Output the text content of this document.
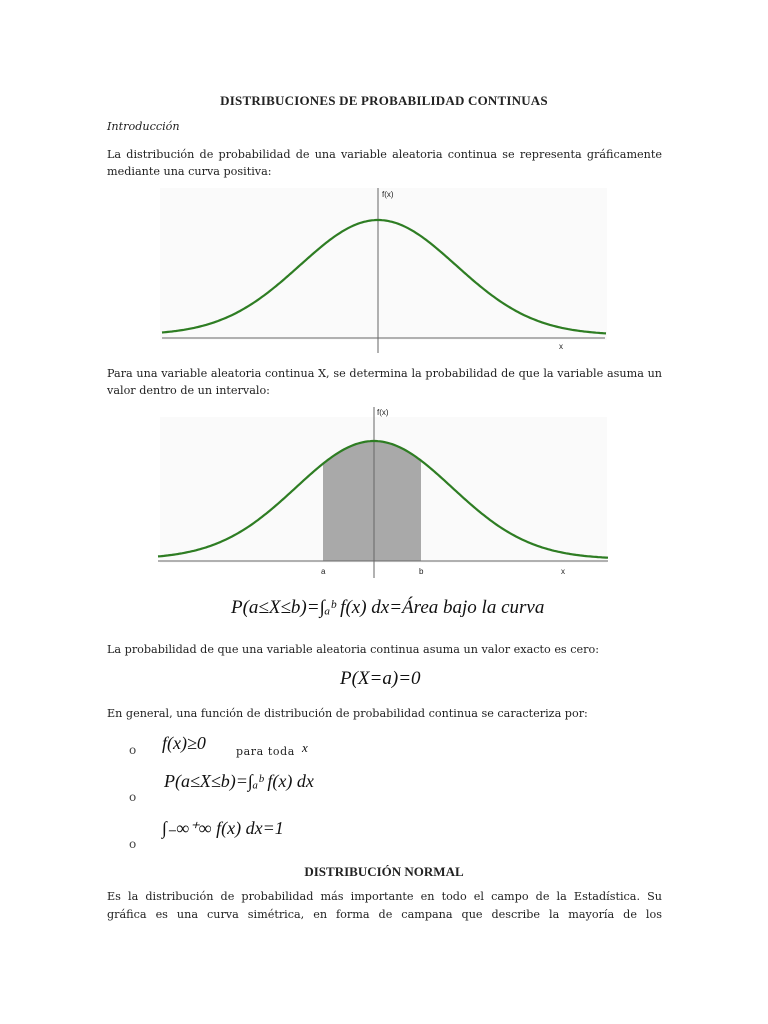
DISTRIBUCIONES DE PROBABILIDAD CONTINUAS
Introducción
La distribución de probabilidad de una variable aleatoria continua se representa gráficamente mediante una curva positiva:
f(x)
x
Para una variable aleatoria continua X, se determina la probabilidad de que la variable asuma un valor dentro de un intervalo:
f(x)
a	b	x
P(a≤X≤b)=∫ₐᵇ f(x) dx=Área bajo la curva
La probabilidad de que una variable aleatoria continua asuma un valor exacto es cero:
P(X=a)=0
En general, una función de distribución de probabilidad continua se caracteriza por:
o f(x)≥0	para toda x
o
P(a≤X≤b)=∫ₐᵇ f(x) dx
o
∫₋∞⁺∞ f(x) dx=1
DISTRIBUCIÓN NORMAL
Es la distribución de probabilidad más importante en todo el campo de la Estadística. Su
gráfica es una curva simétrica, en forma de campana que describe la mayoría de los
